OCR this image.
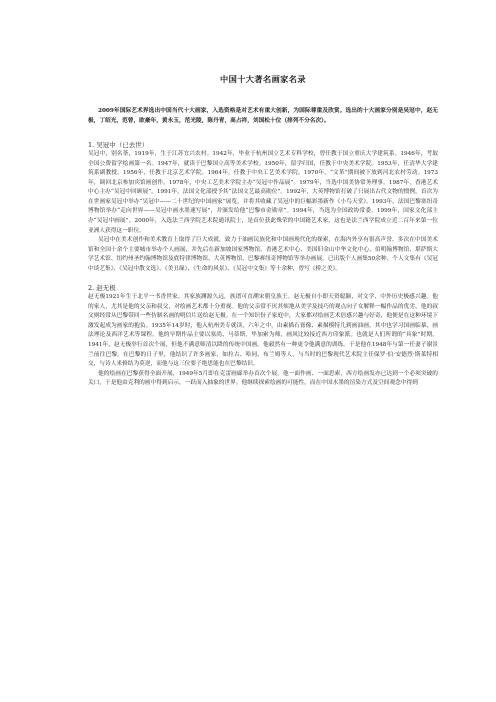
中国十大著名画家名录

2009年国际艺术界选出中国当代十大画家，入选资格是对艺术有重大创新，为国际尊重及欣赏。选出的十大画家分别是吴冠中，赵无极，丁绍光，范曾，欧豪年，黄永玉，范光陵，陈丹青，高占祥，刘国松十位（排列不分名次）。

1. 吴冠中（已去世）

吴冠中，别名荼，1919年，生于江苏宜兴农村。1942年，毕业于杭州国立艺术专科学校，曾任教于国立重庆大学建筑系。1946年，考取全国公费留学绘画第一名。1947年，就读于巴黎国立高等美术学校。1950年，留学归国，任教于中央美术学院。1953年，任清华大学建筑系副教授。1956年，任教于北京艺术学院。1964年，任教于中央工艺美术学院。1970年，“文革”期间被下放到河北农村劳动。1973年，调回北京参加宾馆画创作。1978年，中央工艺美术学院主办“吴冠中作品展”。1979年，当选中国美协常务理事。1987年，香港艺术中心主办“吴冠中回顾展”。1991年，法国文化部授予其“法国文艺最高勋位”。1992年，大英博物馆打破了只展出古代文物的惯例，首次为在世画家吴冠中举办“吴冠中——二十世纪的中国画家”展览，并将其收藏了吴冠中的巨幅彩墨新作《小鸟天堂》。1993年，法国巴黎塞纽奇博物馆举办“走向世界——吴冠中画水墨速写展”，并颁发给他“巴黎市金勋章”。1994年，当选为全国政协常委。1999年，国家文化部主办“吴冠中画展”。2000年，入选法兰西学院艺术院通讯院士，是首位获此殊荣的中国籍艺术家，这也是法兰西学院成立近二百年来第一位亚洲人获得这一职位。

吴冠中在美术创作和美术教育上取得了巨大成就，致力于油画民族化和中国画现代化的探索，在海内外享有很高声誉。多次在中国美术馆和全国十余个主要城市举办个人画展，并先后在新加坡国家博物馆、香港艺术中心、美国旧金山中华文化中心、伯明翰博物馆、堪萨斯大学艺术馆、纽约州圣约翰博物馆及底特律博物馆、大英博物馆、巴黎赛纽奇博物馆等举办画展。已出版个人画集50余种、个人文集有《吴冠中谈艺集》、《吴冠中散文选》、《美丑缘》、《生命的风景》、《吴冠中文集》等十余种，曾写《桥之美》。

2. 赵无极

赵无极1921年生于北平一书香世家。其家族渊源久远，族谱可直溯宋朝皇族王。赵无极自小即天资聪颖，对文学、中外历史极感兴趣。他的家人，尤其是他的父亲和叔父，对绘画艺术都十分重视。他的父亲常不厌其烦地从美学及技巧的观点向子女解释一幅作品的优劣，他的叔父则经常从巴黎带回一些仿制名画的明信片送给赵无极。在一个知识份子家庭中，大家都对绘画艺术倍感兴趣与好奇，他便是在这种环境下激发起成为画家的抱负。1935年14岁时，他入杭州美专就读，六年之中，由素描石膏像、素描模特儿到画油画。其中也学习国画临摹、画法理论及西洋艺术等课程。他的早期作品主要以塞尚、马蒂斯，毕加索为师，画风比较接近西方印象派。也就是人们所谓的“具象”时期。1941年，赵无极举行首次个展，但他不满意师清以降的传统中国画。他毅然有一种更令他满意的训练。于是他在1948年与第一任妻子谢景兰前往巴黎。在巴黎的日子里，他结识了许多画家，如拉古、哈同、布兰姆等人，与当时的巴黎现代艺术院主任保罗·伯·安德烈·斯莱特相交，与诗人米修结为莫逆，而他与这三位要子绝思能也在巴黎结识。

他的绘画在巴黎获得全面开展，1949年5月即在克雷画廊举办首次个展。他一面作画、一面思索，西方绘画发亦已达到一个必须突破的关口，于是他由克利的画中得到启示，一跃而入抽象的世界。他继续探索绘画的可能性，而在中国水墨的渲染方式及空间观念中得到
